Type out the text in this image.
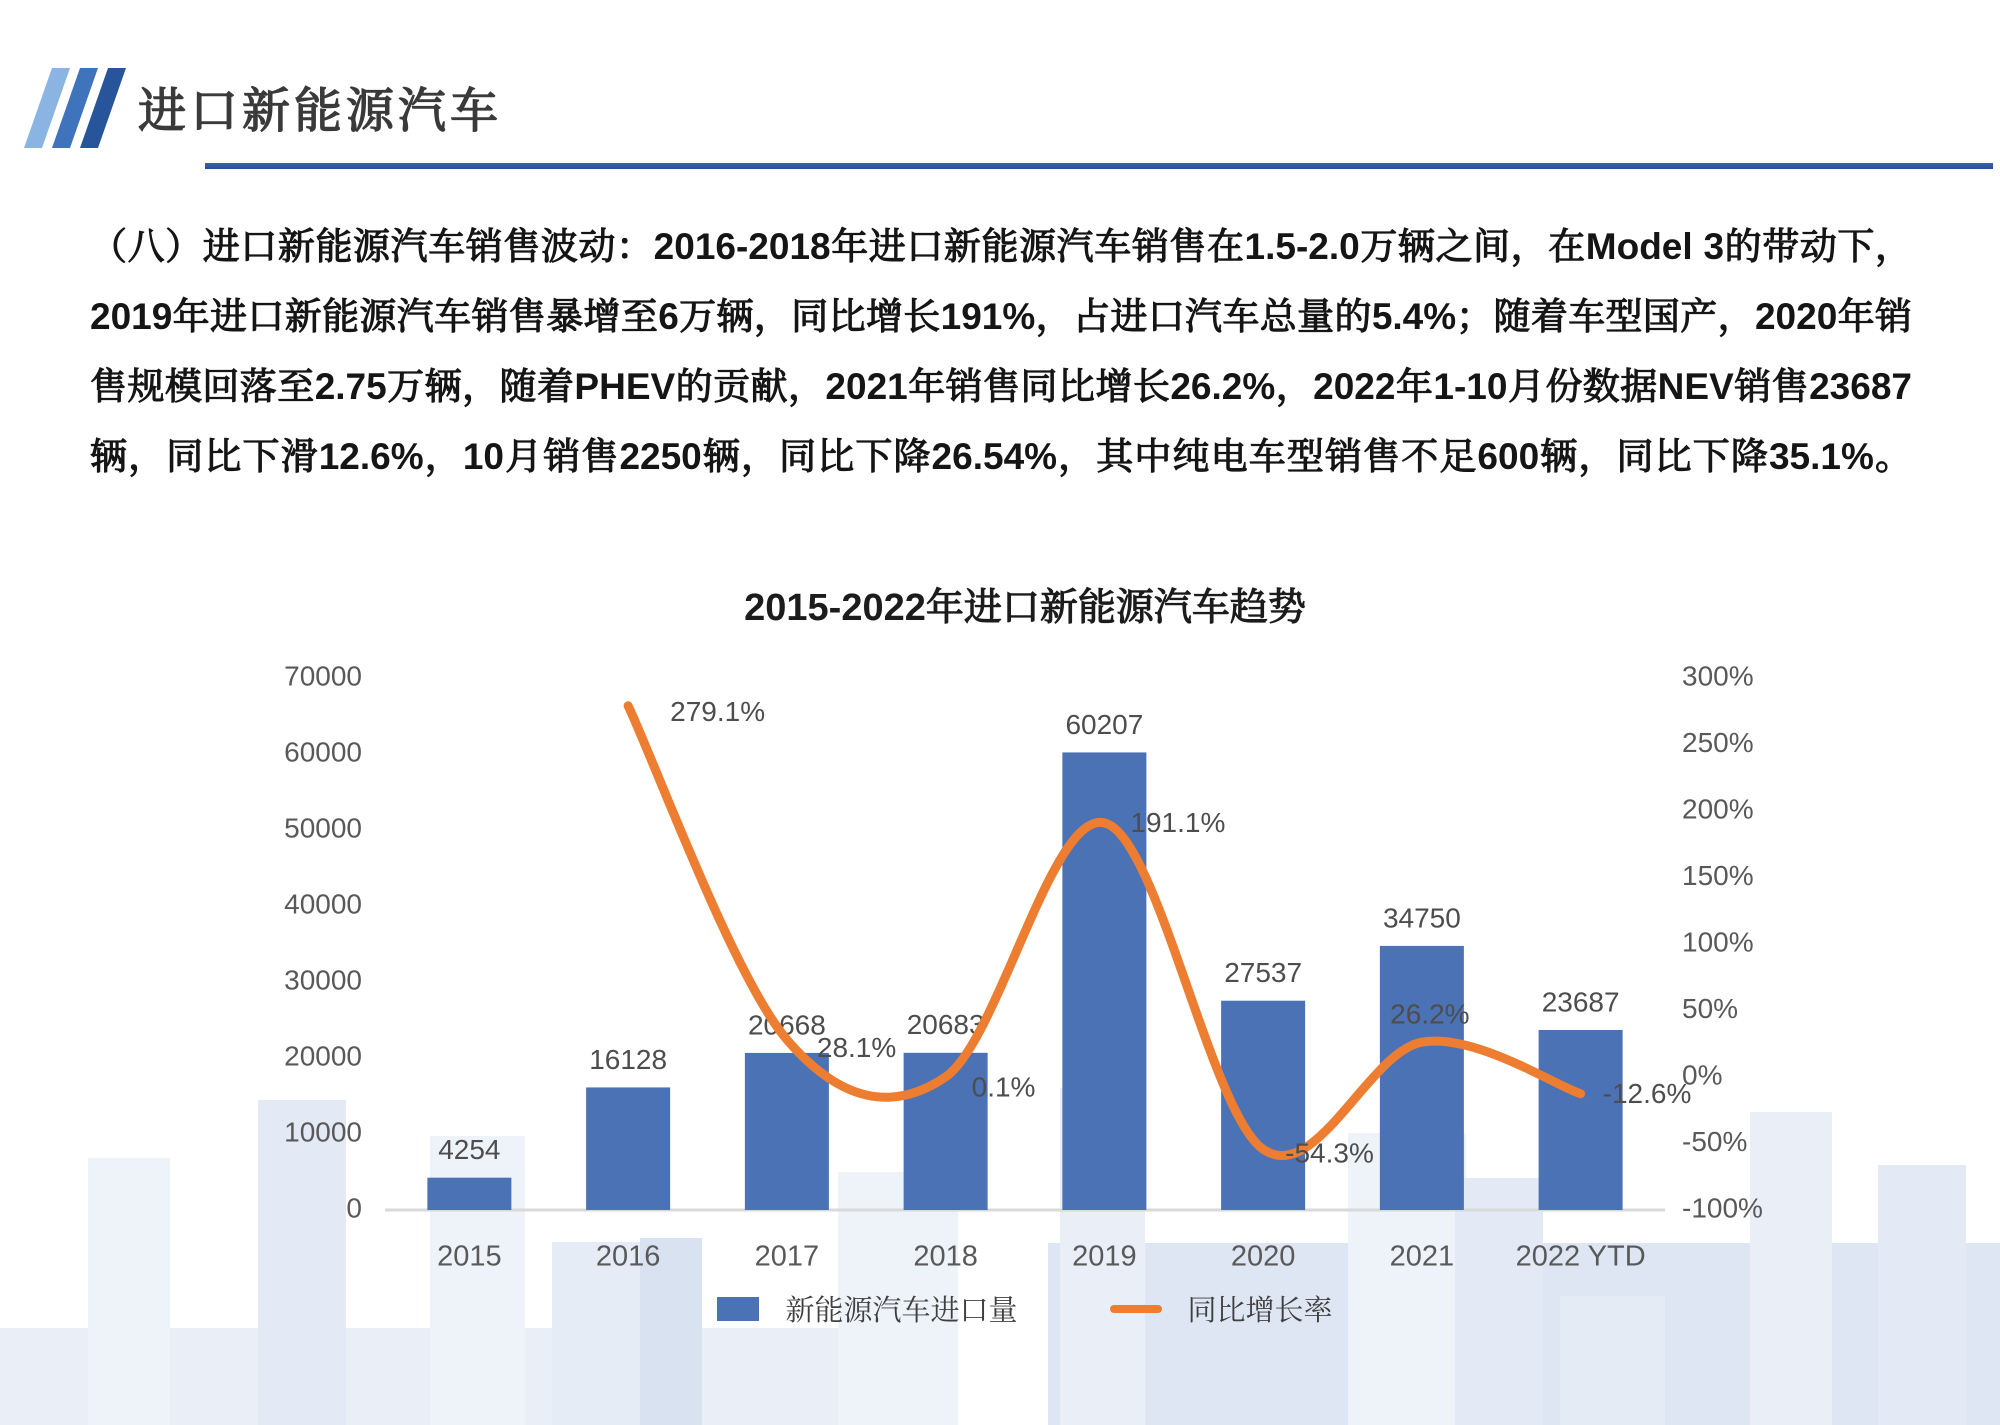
进口新能源汽车
（八）进口新能源汽车销售波动：2016-2018年进口新能源汽车销售在1.5-2.0万辆之间，在Model 3的带动下，
2019年进口新能源汽车销售暴增至6万辆，同比增长191%，占进口汽车总量的5.4%；随着车型国产，2020年销
售规模回落至2.75万辆，随着PHEV的贡献，2021年销售同比增长26.2%，2022年1-10月份数据NEV销售23687
辆，同比下滑12.6%，10月销售2250辆，同比下降26.54%，其中纯电车型销售不足600辆，同比下降35.1%。
2015-2022年进口新能源汽车趋势
0
10000
20000
30000
40000
50000
60000
70000
-100%
-50%
0%
50%
100%
150%
200%
250%
300%
4254
16128
20668	20683
60207
27537
34750
23687
279.1%
28.1%
0.1%
191.1%
-54.3%
26.2%
-12.6%
2015	2016	2017	2018	2019	2020	2021 2022 YTD
新能源汽车进口量	同比增长率
